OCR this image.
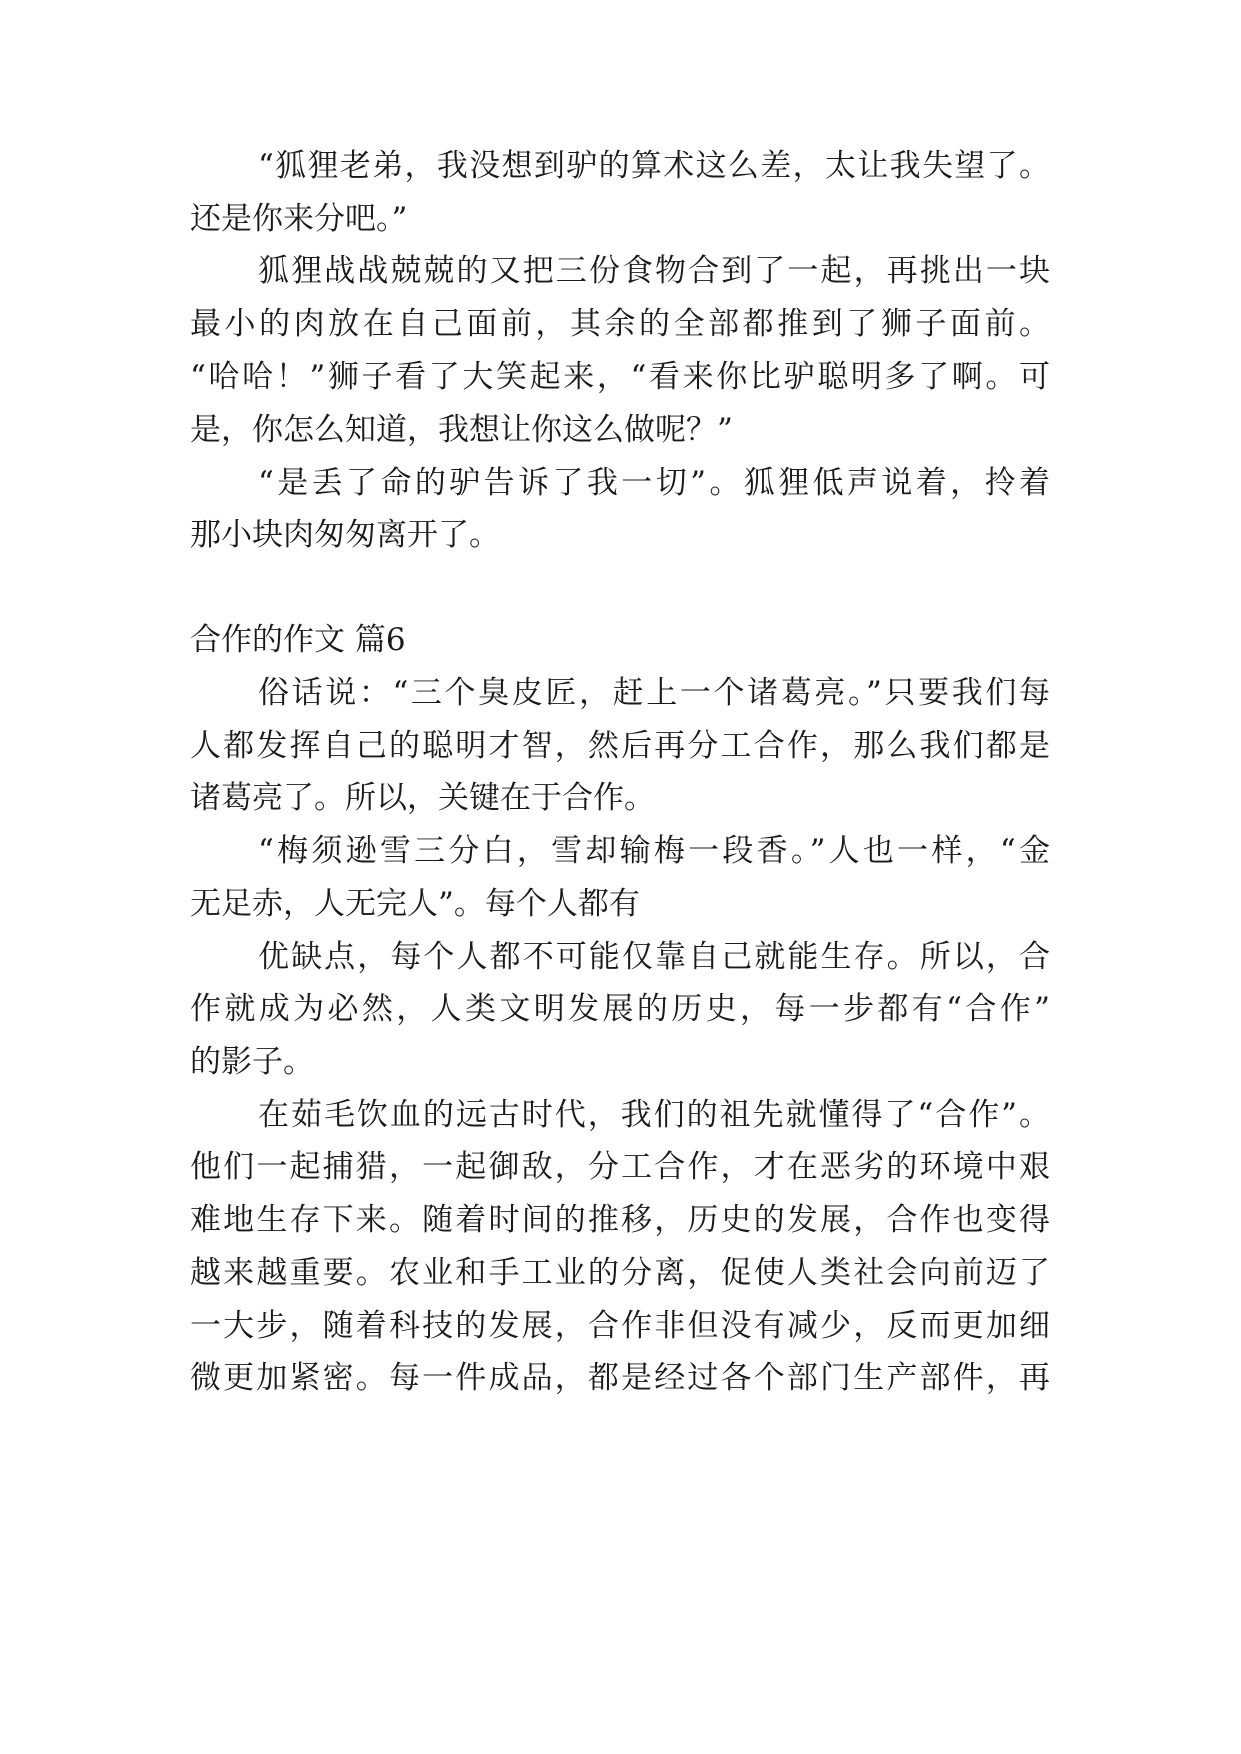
“狐狸老弟，我没想到驴的算术这么差，太让我失望了。
还是你来分吧。”
狐狸战战兢兢的又把三份食物合到了一起，再挑出一块
最小的肉放在自己面前，其余的全部都推到了狮子面前。
“哈哈！”狮子看了大笑起来，“看来你比驴聪明多了啊。可
是，你怎么知道，我想让你这么做呢？”
“是丢了命的驴告诉了我一切”。狐狸低声说着，拎着
那小块肉匆匆离开了。
合作的作文 篇6
俗话说：“三个臭皮匠，赶上一个诸葛亮。”只要我们每
人都发挥自己的聪明才智，然后再分工合作，那么我们都是
诸葛亮了。所以，关键在于合作。
“梅须逊雪三分白，雪却输梅一段香。”人也一样，“金
无足赤，人无完人”。每个人都有
优缺点，每个人都不可能仅靠自己就能生存。所以，合
作就成为必然，人类文明发展的历史，每一步都有“合作”
的影子。
在茹毛饮血的远古时代，我们的祖先就懂得了“合作”。
他们一起捕猎，一起御敌，分工合作，才在恶劣的环境中艰
难地生存下来。随着时间的推移，历史的发展，合作也变得
越来越重要。农业和手工业的分离，促使人类社会向前迈了
一大步，随着科技的发展，合作非但没有减少，反而更加细
微更加紧密。每一件成品，都是经过各个部门生产部件，再
